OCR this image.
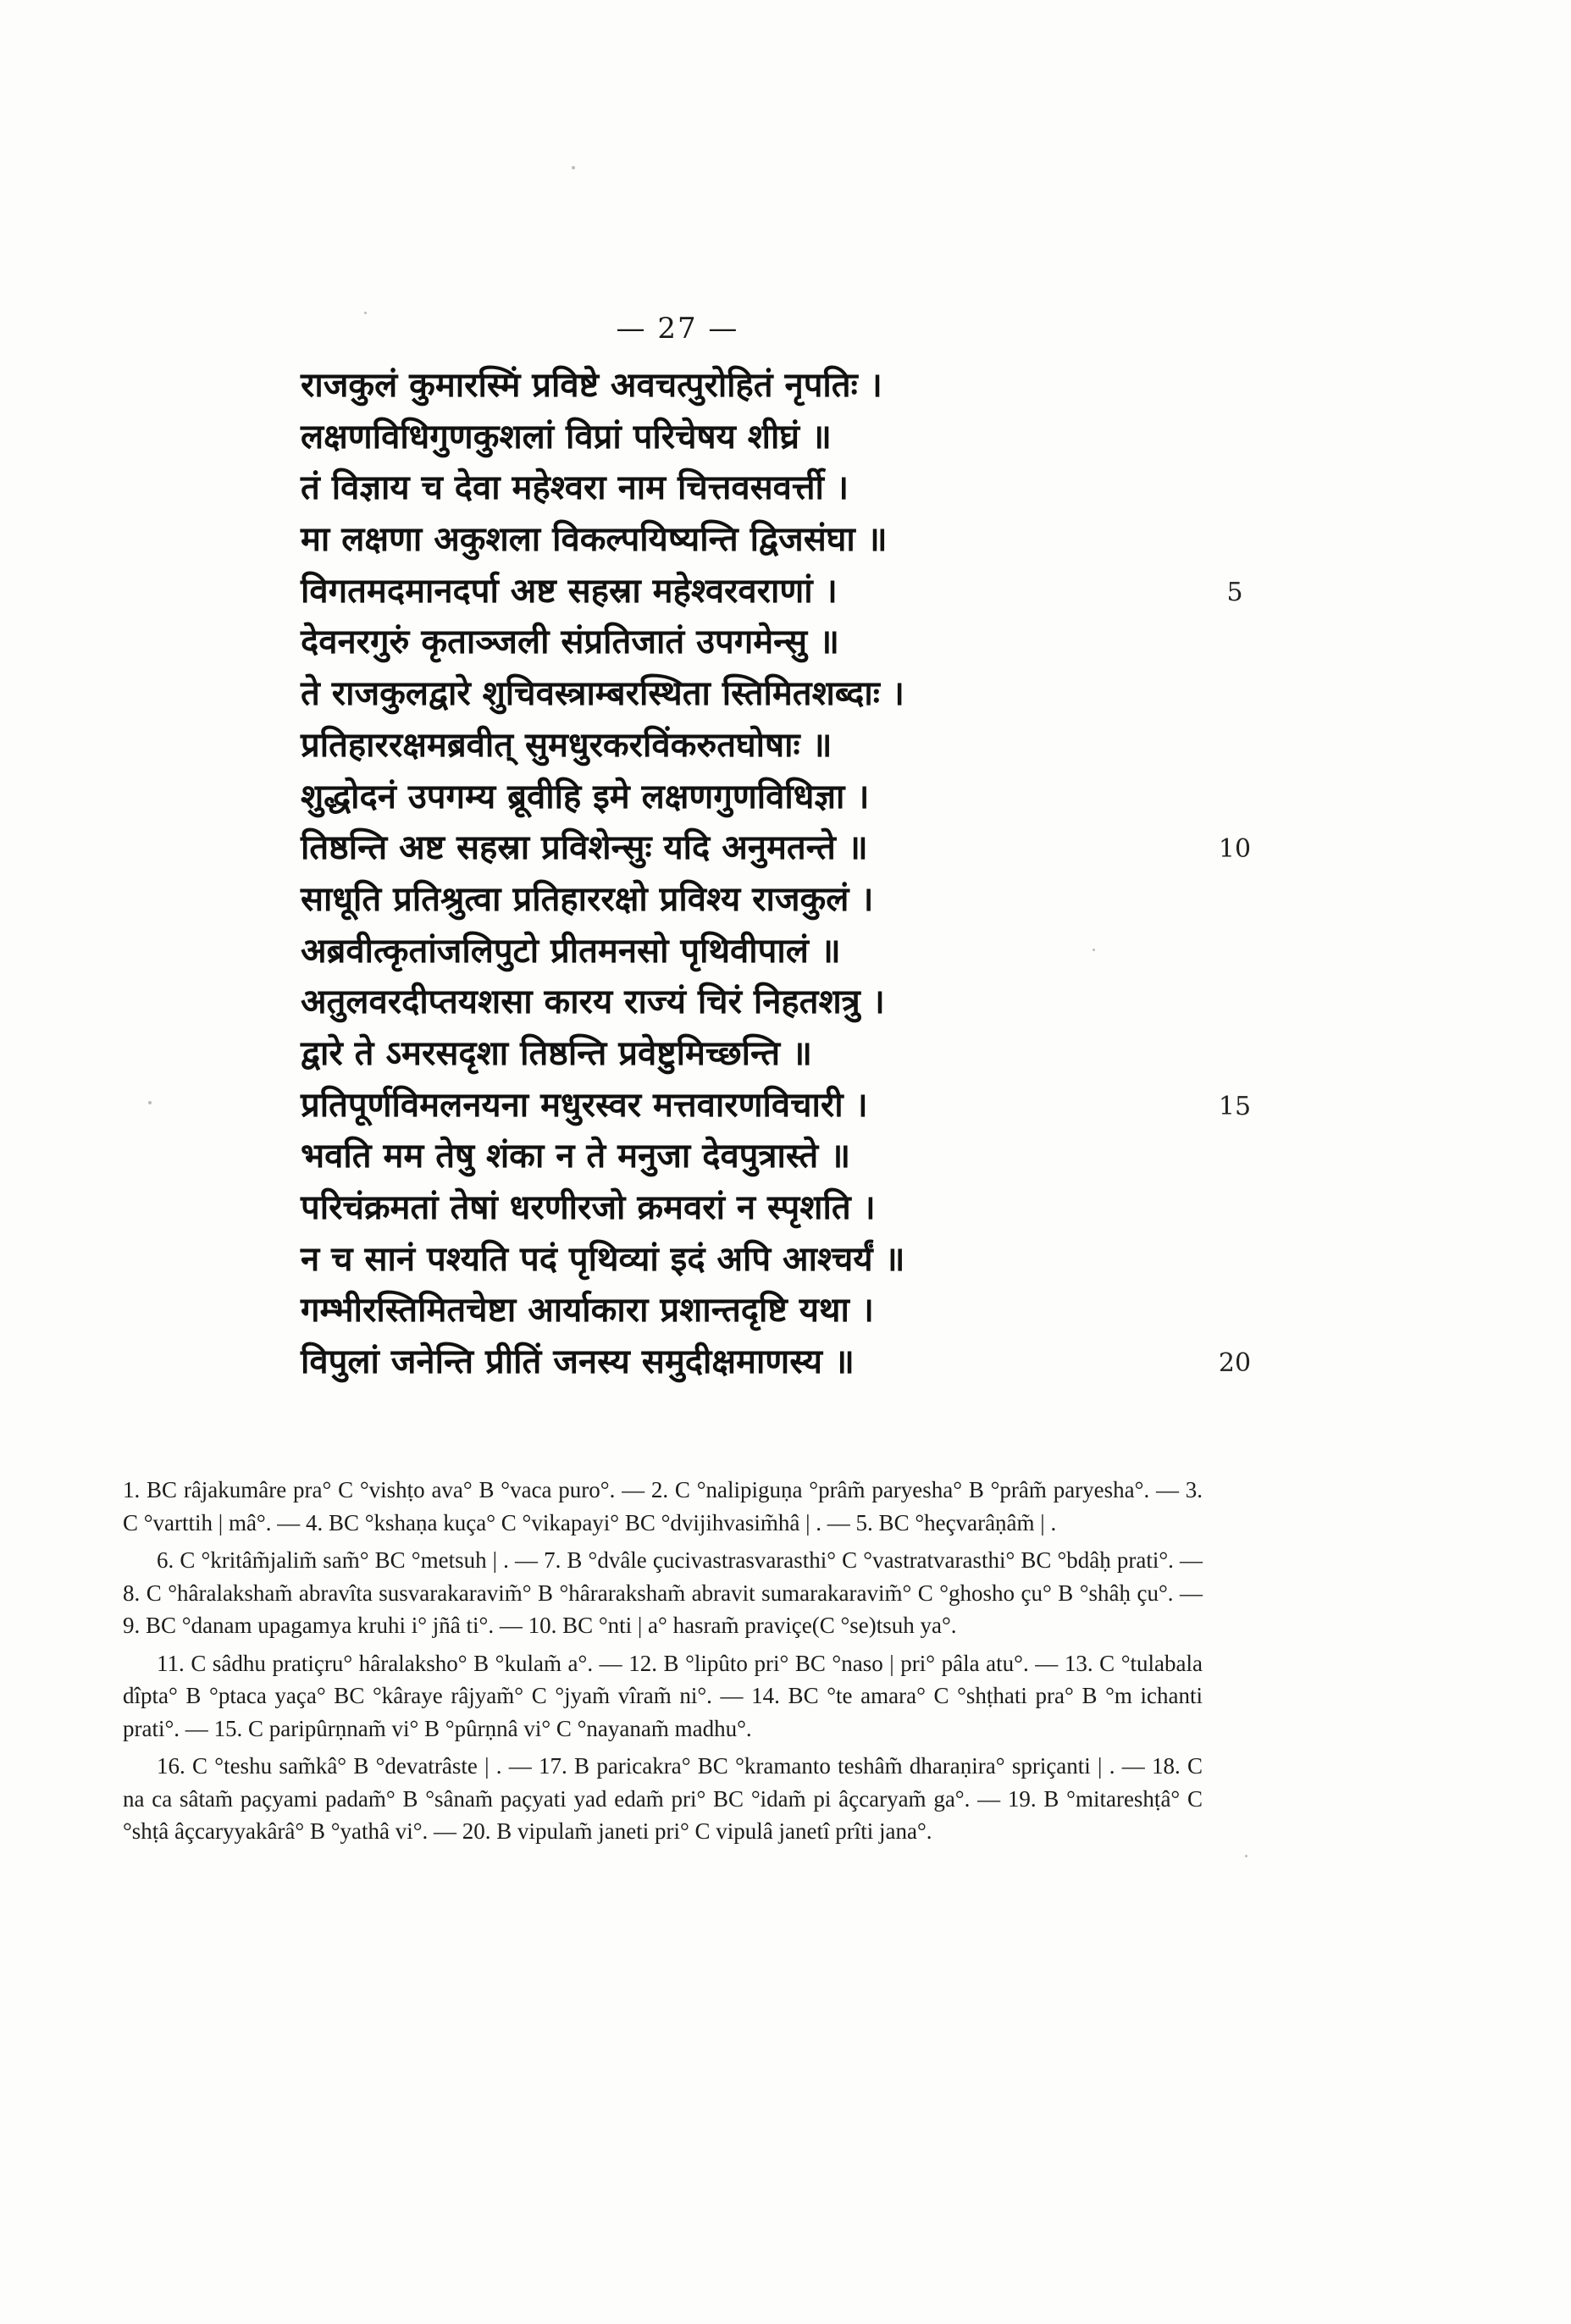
— 27 —
राजकुलं कुमारस्मिं प्रविष्टे अवचत्पुरोहितं नृपतिः ।
लक्षणविधिगुणकुशलां विप्रां परिचेषय शीघ्रं ॥
तं विज्ञाय च देवा महेश्वरा नाम चित्तवसवर्त्ती ।
मा लक्षणा अकुशला विकल्पयिष्यन्ति द्विजसंघा ॥
विगतमदमानदर्पा अष्ट सहस्रा महेश्वरवराणां ।
देवनरगुरुं कृताञ्जली संप्रतिजातं उपगमेन्सु ॥
ते राजकुलद्वारे शुचिवस्त्राम्बरस्थिता स्तिमितशब्दाः ।
प्रतिहाररक्षमब्रवीत् सुमधुरकरविंकरुतघोषाः ॥
शुद्धोदनं उपगम्य ब्रूवीहि इमे लक्षणगुणविधिज्ञा ।
तिष्ठन्ति अष्ट सहस्रा प्रविशेन्सुः यदि अनुमतन्ते ॥
साधूति प्रतिश्रुत्वा प्रतिहाररक्षो प्रविश्य राजकुलं ।
अब्रवीत्कृतांजलिपुटो प्रीतमनसो पृथिवीपालं ॥
अतुलवरदीप्तयशसा कारय राज्यं चिरं निहतशत्रु ।
द्वारे ते ऽमरसदृशा तिष्ठन्ति प्रवेष्टुमिच्छन्ति ॥
प्रतिपूर्णविमलनयना मधुरस्वर मत्तवारणविचारी ।
भवति मम तेषु शंका न ते मनुजा देवपुत्रास्ते ॥
परिचंक्रमतां तेषां धरणीरजो क्रमवरां न स्पृशति ।
न च सानं पश्यति पदं पृथिव्यां इदं अपि आश्चर्यं ॥
गम्भीरस्तिमितचेष्टा आर्याकारा प्रशान्तदृष्टि यथा ।
विपुलां जनेन्ति प्रीतिं जनस्य समुदीक्षमाणस्य ॥
5
10
15
20

1. BC râjakumâre pra° C °vishṭo ava° B °vaca puro°. — 2. C °nalipiguṇa °prâm̃ paryesha° B °prâm̃ paryesha°. — 3. C °varttih | mâ°. — 4. BC °kshaṇa kuça° C °vikapayi° BC °dvijihvasim̃hâ | . — 5. BC °heçvarâṇâm̃ | .

6. C °kritâm̃jalim̃ sam̃° BC °metsuh | . — 7. B °dvâle çucivastrasvarasthi° C °vastratvarasthi° BC °bdâḥ prati°. — 8. C °hâralaksham̃ abravîta susvarakaravim̃° B °hâraraksham̃ abravit sumarakaravim̃° C °ghosho çu° B °shâḥ çu°. — 9. BC °danam upagamya kruhi i° jñâ ti°. — 10. BC °nti | a° hasram̃ praviçe(C °se)tsuh ya°.

11. C sâdhu pratiçru° hâralaksho° B °kulam̃ a°. — 12. B °lipûto pri° BC °naso | pri° pâla atu°. — 13. C °tulabala dîpta° B °ptaca yaça° BC °kâraye râjyam̃° C °jyam̃ vîram̃ ni°. — 14. BC °te amara° C °shṭhati pra° B °m ichanti prati°. — 15. C paripûrṇnam̃ vi° B °pûrṇnâ vi° C °nayanam̃ madhu°.

16. C °teshu sam̃kâ° B °devatrâste | . — 17. B paricakra° BC °kramanto teshâm̃ dharaṇira° spriçanti | . — 18. C na ca sâtam̃ paçyami padam̃° B °sânam̃ paçyati yad edam̃ pri° BC °idam̃ pi âçcaryam̃ ga°. — 19. B °mitareshṭâ° C °shṭâ âçcaryyakârâ° B °yathâ vi°. — 20. B vipulam̃ janeti pri° C vipulâ janetî prîti jana°.
